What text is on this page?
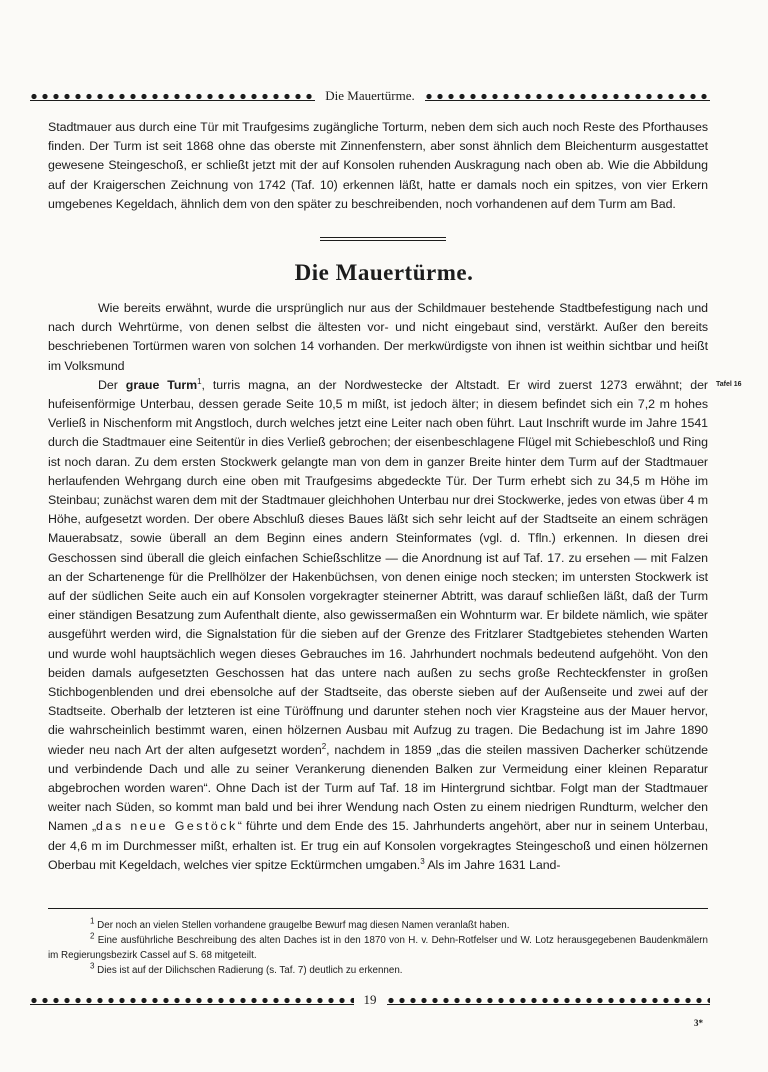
Die Mauertürme.

Stadtmauer aus durch eine Tür mit Traufgesims zugängliche Torturm, neben dem sich auch noch Reste des Pforthauses finden. Der Turm ist seit 1868 ohne das oberste mit Zinnenfenstern, aber sonst ähnlich dem Bleichenturm ausgestattet gewesene Steingeschoß, er schließt jetzt mit der auf Konsolen ruhenden Auskragung nach oben ab. Wie die Abbildung auf der Kraigerschen Zeichnung von 1742 (Taf. 10) erkennen läßt, hatte er damals noch ein spitzes, von vier Erkern umgebenes Kegeldach, ähnlich dem von den später zu beschreibenden, noch vorhandenen auf dem Turm am Bad.

Die Mauertürme.

Wie bereits erwähnt, wurde die ursprünglich nur aus der Schildmauer bestehende Stadtbefestigung nach und nach durch Wehrtürme, von denen selbst die ältesten vor- und nicht eingebaut sind, verstärkt. Außer den bereits beschriebenen Tortürmen waren von solchen 14 vorhanden. Der merkwürdigste von ihnen ist weithin sichtbar und heißt im Volksmund

Der graue Turm$^1$, turris magna, an der Nordwestecke der Altstadt. Er wird zuerst 1273 erwähnt; der hufeisenförmige Unterbau, dessen gerade Seite 10,5 m mißt, ist jedoch älter; in diesem befindet sich ein 7,2 m hohes Verließ in Nischenform mit Angstloch, durch welches jetzt eine Leiter nach oben führt. Laut Inschrift wurde im Jahre 1541 durch die Stadtmauer eine Seitentür in dies Verließ gebrochen; der eisenbeschlagene Flügel mit Schiebeschloß und Ring ist noch daran. Zu dem ersten Stockwerk gelangte man von dem in ganzer Breite hinter dem Turm auf der Stadtmauer herlaufenden Wehrgang durch eine oben mit Traufgesims abgedeckte Tür. Der Turm erhebt sich zu 34,5 m Höhe im Steinbau; zunächst waren dem mit der Stadtmauer gleichhohen Unterbau nur drei Stockwerke, jedes von etwas über 4 m Höhe, aufgesetzt worden. Der obere Abschluß dieses Baues läßt sich sehr leicht auf der Stadtseite an einem schrägen Mauerabsatz, sowie überall an dem Beginn eines andern Steinformates (vgl. d. Tfln.) erkennen. In diesen drei Geschossen sind überall die gleich einfachen Schießschlitze — die Anordnung ist auf Taf. 17. zu ersehen — mit Falzen an der Schartenenge für die Prellhölzer der Hakenbüchsen, von denen einige noch stecken; im untersten Stockwerk ist auf der südlichen Seite auch ein auf Konsolen vorgekragter steinerner Abtritt, was darauf schließen läßt, daß der Turm einer ständigen Besatzung zum Aufenthalt diente, also gewissermaßen ein Wohnturm war. Er bildete nämlich, wie später ausgeführt werden wird, die Signalstation für die sieben auf der Grenze des Fritzlarer Stadtgebietes stehenden Warten und wurde wohl hauptsächlich wegen dieses Gebrauches im 16. Jahrhundert nochmals bedeutend aufgehöht. Von den beiden damals aufgesetzten Geschossen hat das untere nach außen zu sechs große Rechteckfenster in großen Stichbogenblenden und drei ebensolche auf der Stadtseite, das oberste sieben auf der Außenseite und zwei auf der Stadtseite. Oberhalb der letzteren ist eine Türöffnung und darunter stehen noch vier Kragsteine aus der Mauer hervor, die wahrscheinlich bestimmt waren, einen hölzernen Ausbau mit Aufzug zu tragen. Die Bedachung ist im Jahre 1890 wieder neu nach Art der alten aufgesetzt worden$^2$, nachdem in 1859 „das die steilen massiven Dacherker schützende und verbindende Dach und alle zu seiner Verankerung dienenden Balken zur Vermeidung einer kleinen Reparatur abgebrochen worden waren“. Ohne Dach ist der Turm auf Taf. 18 im Hintergrund sichtbar. Folgt man der Stadtmauer weiter nach Süden, so kommt man bald und bei ihrer Wendung nach Osten zu einem niedrigen Rundturm, welcher den Namen „das neue Gestöck“ führte und dem Ende des 15. Jahrhunderts angehört, aber nur in seinem Unterbau, der 4,6 m im Durchmesser mißt, erhalten ist. Er trug ein auf Konsolen vorgekragtes Steingeschoß und einen hölzernen Oberbau mit Kegeldach, welches vier spitze Ecktürmchen umgaben.$^3$ Als im Jahre 1631 Land-

Tafel 16

$^1$ Der noch an vielen Stellen vorhandene graugelbe Bewurf mag diesen Namen veranlaßt haben.

$^2$ Eine ausführliche Beschreibung des alten Daches ist in den 1870 von H. v. Dehn-Rotfelser und W. Lotz herausgegebenen Baudenkmälern im Regierungsbezirk Cassel auf S. 68 mitgeteilt.

$^3$ Dies ist auf der Dilichschen Radierung (s. Taf. 7) deutlich zu erkennen.

19
3*
